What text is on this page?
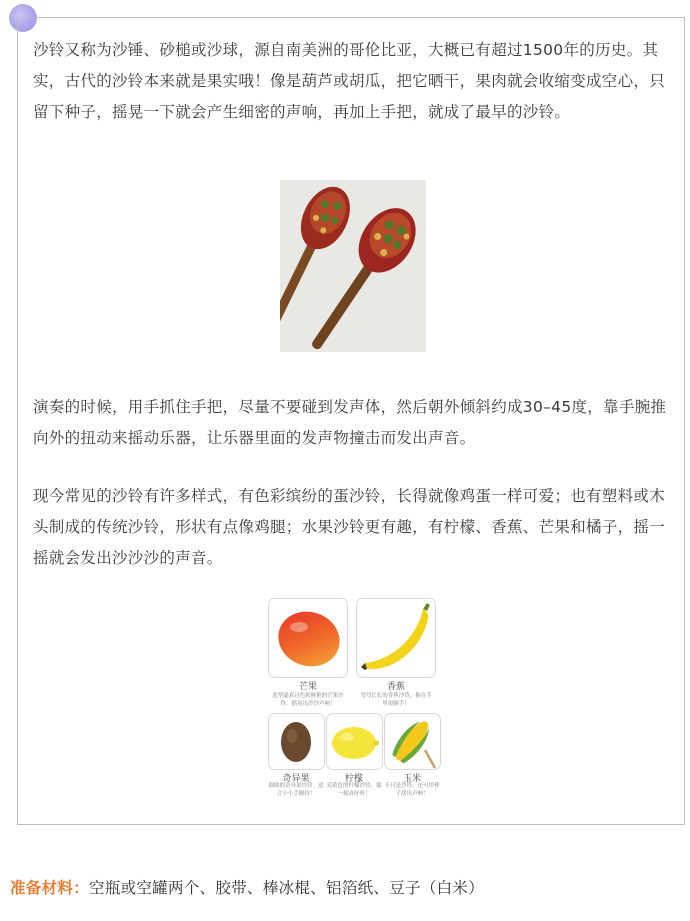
沙铃又称为沙锤、砂槌或沙球，源自南美洲的哥伦比亚，大概已有超过1500年的历史。其实，古代的沙铃本来就是果实哦！像是葫芦或胡瓜，把它晒干，果肉就会收缩变成空心，只留下种子，摇晃一下就会产生细密的声响，再加上手把，就成了最早的沙铃。

演奏的时候，用手抓住手把，尽量不要碰到发声体，然后朝外倾斜约成30–45度，靠手腕推向外的扭动来摇动乐器，让乐器里面的发声物撞击而发出声音。

现今常见的沙铃有许多样式，有色彩缤纷的蛋沙铃，长得就像鸡蛋一样可爱；也有塑料或木头制成的传统沙铃，形状有点像鸡腿；水果沙铃更有趣，有柠檬、香蕉、芒果和橘子，摇一摇就会发出沙沙沙的声音。

芒果
造型逼真且色彩鲜艳的芒果沙铃，摇晃出沙沙声响！
香蕉
弯弯长长的香蕉沙铃，握在手里很顺手！
奇异果
圆圆的奇异果沙铃，适合小小手握持！
柠檬
亮黄色的柠檬沙铃，摇一摇真好听！
玉米
不只是沙铃，还可用棒子刮出声响！
准备材料：空瓶或空罐两个、胶带、棒冰棍、铝箔纸、豆子（白米）
